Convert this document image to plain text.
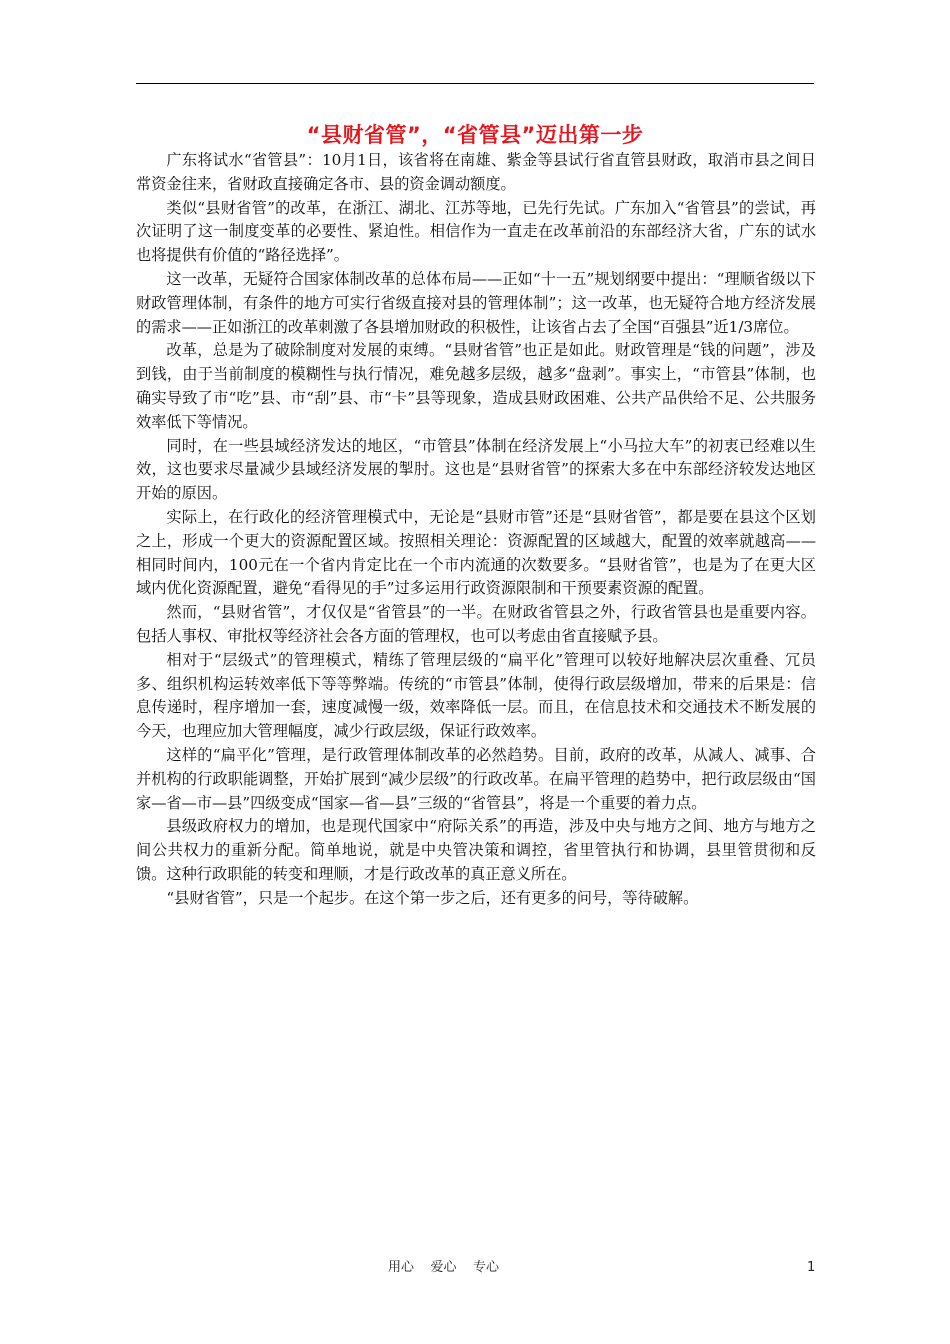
“县财省管”，“省管县”迈出第一步

广东将试水“省管县”：10月1日，该省将在南雄、紫金等县试行省直管县财政，取消市县之间日常资金往来，省财政直接确定各市、县的资金调动额度。

类似“县财省管”的改革，在浙江、湖北、江苏等地，已先行先试。广东加入“省管县”的尝试，再次证明了这一制度变革的必要性、紧迫性。相信作为一直走在改革前沿的东部经济大省，广东的试水也将提供有价值的“路径选择”。

这一改革，无疑符合国家体制改革的总体布局——正如“十一五”规划纲要中提出：“理顺省级以下财政管理体制，有条件的地方可实行省级直接对县的管理体制”；这一改革，也无疑符合地方经济发展的需求——正如浙江的改革刺激了各县增加财政的积极性，让该省占去了全国“百强县”近1/3席位。

改革，总是为了破除制度对发展的束缚。“县财省管”也正是如此。财政管理是“钱的问题”，涉及到钱，由于当前制度的模糊性与执行情况，难免越多层级，越多“盘剥”。事实上，“市管县”体制，也确实导致了市“吃”县、市“刮”县、市“卡”县等现象，造成县财政困难、公共产品供给不足、公共服务效率低下等情况。

同时，在一些县域经济发达的地区，“市管县”体制在经济发展上“小马拉大车”的初衷已经难以生效，这也要求尽量减少县域经济发展的掣肘。这也是“县财省管”的探索大多在中东部经济较发达地区开始的原因。

实际上，在行政化的经济管理模式中，无论是“县财市管”还是“县财省管”，都是要在县这个区划之上，形成一个更大的资源配置区域。按照相关理论：资源配置的区域越大，配置的效率就越高——相同时间内，100元在一个省内肯定比在一个市内流通的次数要多。“县财省管”，也是为了在更大区域内优化资源配置，避免“看得见的手”过多运用行政资源限制和干预要素资源的配置。

然而，“县财省管”，才仅仅是“省管县”的一半。在财政省管县之外，行政省管县也是重要内容。包括人事权、审批权等经济社会各方面的管理权，也可以考虑由省直接赋予县。

相对于“层级式”的管理模式，精练了管理层级的“扁平化”管理可以较好地解决层次重叠、冗员多、组织机构运转效率低下等等弊端。传统的“市管县”体制，使得行政层级增加，带来的后果是：信息传递时，程序增加一套，速度减慢一级，效率降低一层。而且，在信息技术和交通技术不断发展的今天，也理应加大管理幅度，减少行政层级，保证行政效率。

这样的“扁平化”管理，是行政管理体制改革的必然趋势。目前，政府的改革，从减人、减事、合并机构的行政职能调整，开始扩展到“减少层级”的行政改革。在扁平管理的趋势中，把行政层级由“国家—省—市—县”四级变成“国家—省—县”三级的“省管县”，将是一个重要的着力点。

县级政府权力的增加，也是现代国家中“府际关系”的再造，涉及中央与地方之间、地方与地方之间公共权力的重新分配。简单地说，就是中央管决策和调控，省里管执行和协调，县里管贯彻和反馈。这种行政职能的转变和理顺，才是行政改革的真正意义所在。

“县财省管”，只是一个起步。在这个第一步之后，还有更多的问号，等待破解。

用心    爱心    专心	1
